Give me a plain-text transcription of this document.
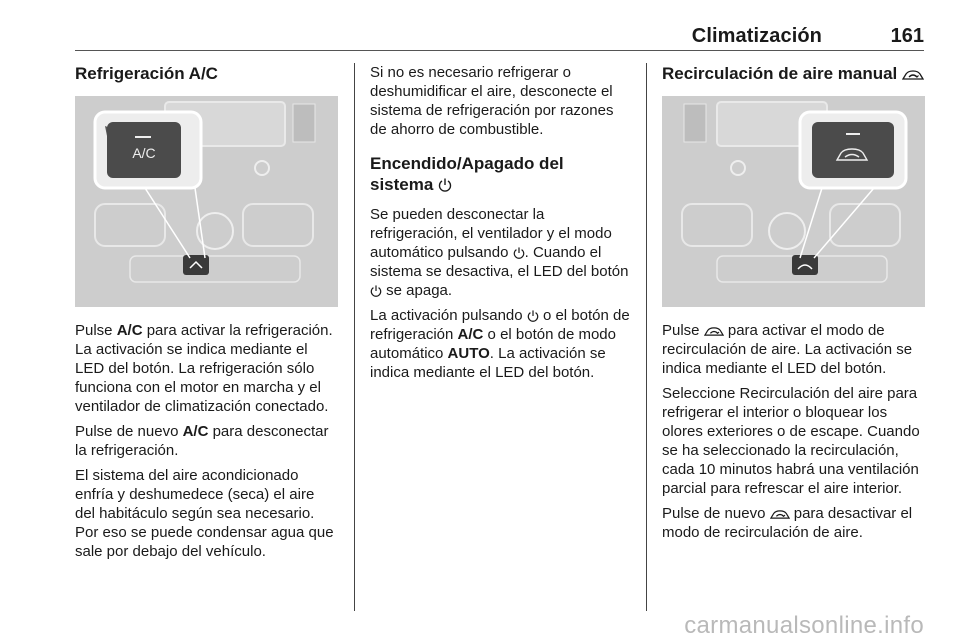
Climatización	161
Refrigeración A/C
A/C

Pulse A/C para activar la refrigeración. La activación se indica mediante el LED del botón. La refrigeración sólo funciona con el motor en marcha y el ventilador de climatización conectado.

Pulse de nuevo A/C para desconectar la refrigeración.

El sistema del aire acondicionado enfría y deshumedece (seca) el aire del habitáculo según sea necesario. Por eso se puede condensar agua que sale por debajo del vehículo.

Si no es necesario refrigerar o deshumidificar el aire, desconecte el sistema de refrigeración por razones de ahorro de combustible.

Encendido/Apagado del
sistema

Se pueden desconectar la refrigeración, el ventilador y el modo automático pulsando . Cuando el sistema se desactiva, el LED del botón  se apaga.

La activación pulsando  o el botón de refrigeración A/C o el botón de modo automático AUTO. La activación se indica mediante el LED del botón.

Recirculación de aire manual

Pulse  para activar el modo de recirculación de aire. La activación se indica mediante el LED del botón.

Seleccione Recirculación del aire para refrigerar el interior o bloquear los olores exteriores o de escape. Cuando se ha seleccionado la recirculación, cada 10 minutos habrá una ventilación parcial para refrescar el aire interior.

Pulse de nuevo  para desactivar el modo de recirculación de aire.

carmanualsonline.info
